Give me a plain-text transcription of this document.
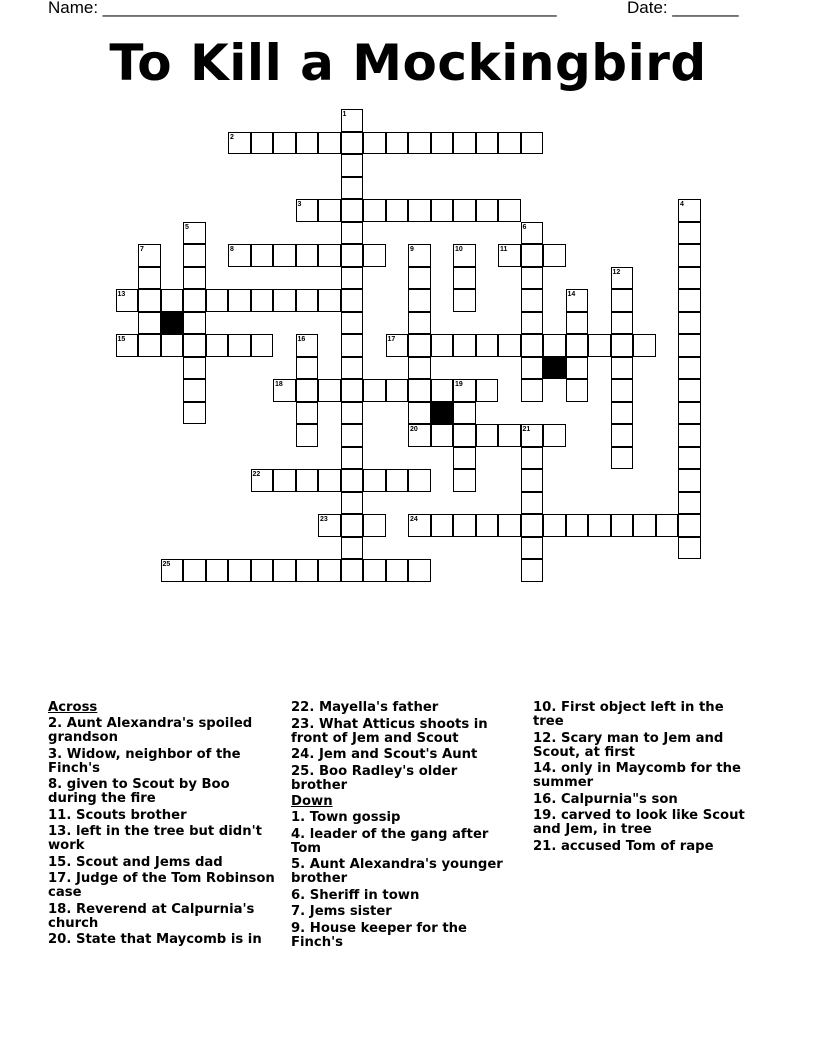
Name: ________________________________________________	Date: _______
To Kill a Mockingbird
1
2
3	4
5	6
7	8	9	10	11
12
13	14
15	16	17
18	19
20	21
22
23	24
25
Across
2. Aunt Alexandra's spoiled grandson
3. Widow, neighbor of the Finch's
8. given to Scout by Boo during the fire
11. Scouts brother
13. left in the tree but didn't work
15. Scout and Jems dad
17. Judge of the Tom Robinson case
18. Reverend at Calpurnia's church
20. State that Maycomb is in
22. Mayella's father
23. What Atticus shoots in front of Jem and Scout
24. Jem and Scout's Aunt
25. Boo Radley's older brother
Down
1. Town gossip
4. leader of the gang after Tom
5. Aunt Alexandra's younger brother
6. Sheriff in town
7. Jems sister
9. House keeper for the Finch's
10. First object left in the tree
12. Scary man to Jem and Scout, at first
14. only in Maycomb for the summer
16. Calpurnia"s son
19. carved to look like Scout and Jem, in tree
21. accused Tom of rape
